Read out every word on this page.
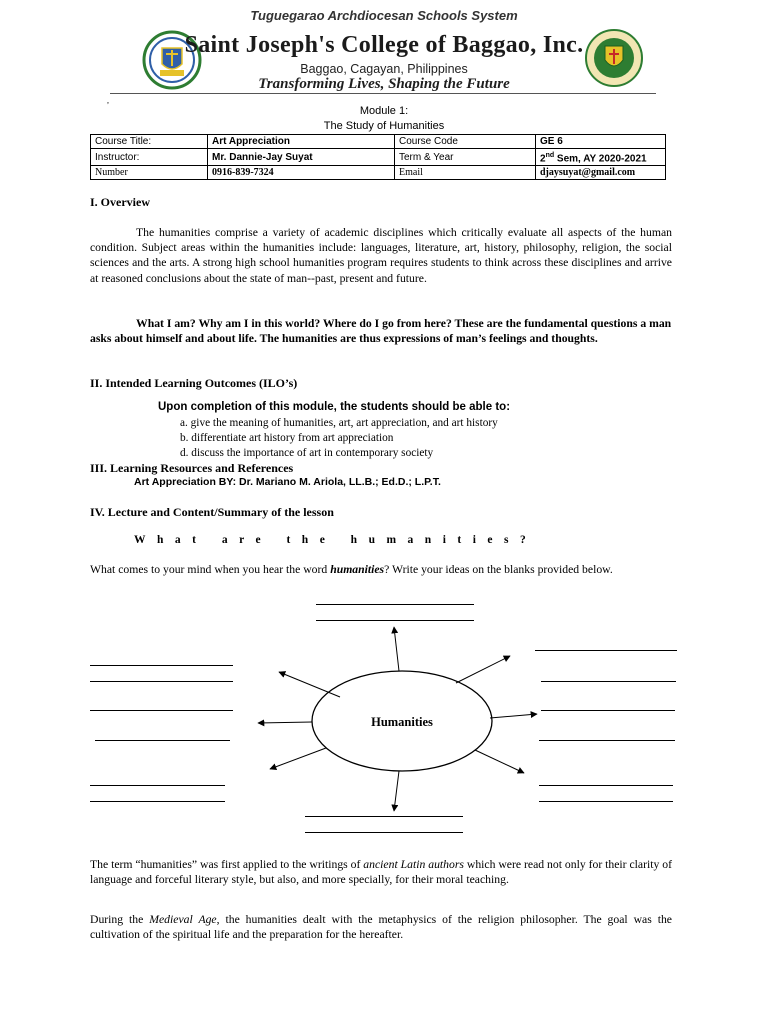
Tuguegarao Archdiocesan Schools System
Saint Joseph's College of Baggao, Inc.
Baggao, Cagayan, Philippines
Transforming Lives, Shaping the Future
,
Module 1:
The Study of Humanities
Course Title:	Art Appreciation	Course Code	GE 6
Instructor:	Mr. Dannie-Jay Suyat	Term & Year	2nd Sem, AY 2020-2021
Number	0916-839-7324	Email	djaysuyat@gmail.com
I. Overview
The humanities comprise a variety of academic disciplines which critically evaluate all aspects of the human condition. Subject areas within the humanities include: languages, literature, art, history, philosophy, religion, the social sciences and the arts. A strong high school humanities program requires students to think across these disciplines and arrive at reasoned conclusions about the state of man--past, present and future.
What I am? Why am I in this world? Where do I go from here? These are the fundamental questions a man asks about himself and about life. The humanities are thus expressions of man’s feelings and thoughts.
II. Intended Learning Outcomes (ILO’s)
Upon completion of this module, the students should be able to:
a. give the meaning of humanities, art, art appreciation, and art history
b. differentiate art history from art appreciation
d. discuss the importance of art in contemporary society
III. Learning Resources and References
Art Appreciation BY: Dr. Mariano M. Ariola, LL.B.; Ed.D.; L.P.T.
IV. Lecture and Content/Summary of the lesson
What are the humanities?
What comes to your mind when you hear the word humanities? Write your ideas on the blanks provided below.
Humanities
The term “humanities” was first applied to the writings of ancient Latin authors which were read not only for their clarity of language and forceful literary style, but also, and more specially, for their moral teaching.
During the Medieval Age, the humanities dealt with the metaphysics of the religion philosopher. The goal was the cultivation of the spiritual life and the preparation for the hereafter.
